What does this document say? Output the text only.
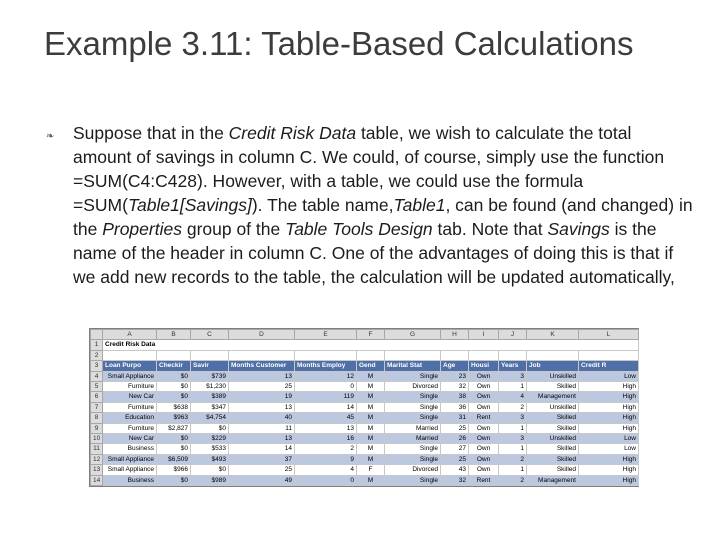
Example 3.11: Table-Based Calculations
❧ Suppose that in the Credit Risk Data table, we wish to calculate the total amount of savings in column C. We could, of course, simply use the function =SUM(C4:C428). However, with a table, we could use the formula =SUM(Table1[Savings]). The table name,Table1, can be found (and changed) in the Properties group of the Table Tools Design tab. Note that Savings is the name of the header in column C. One of the advantages of doing this is that if we add new records to the table, the calculation will be updated automatically,

	A	B	C	D	E	F	G	H	I	J	K	L
1	Credit Risk Data											
2												
3	Loan Purpo	Checkir	Savir	Months Customer	Months Employ	Gend	Marital Stat	Age	Housi	Years	Job	Credit R
4	Small Appliance	$0	$739	13	12	M	Single	23	Own	3	Unskilled	Low
5	Furniture	$0	$1,230	25	0	M	Divorced	32	Own	1	Skilled	High
6	New Car	$0	$389	19	119	M	Single	38	Own	4	Management	High
7	Furniture	$638	$347	13	14	M	Single	36	Own	2	Unskilled	High
8	Education	$963	$4,754	40	45	M	Single	31	Rent	3	Skilled	High
9	Furniture	$2,827	$0	11	13	M	Married	25	Own	1	Skilled	High
10	New Car	$0	$229	13	16	M	Married	26	Own	3	Unskilled	Low
11	Business	$0	$533	14	2	M	Single	27	Own	1	Skilled	Low
12	Small Appliance	$6,509	$493	37	9	M	Single	25	Own	2	Skilled	High
13	Small Appliance	$966	$0	25	4	F	Divorced	43	Own	1	Skilled	High
14	Business	$0	$989	49	0	M	Single	32	Rent	2	Management	High
